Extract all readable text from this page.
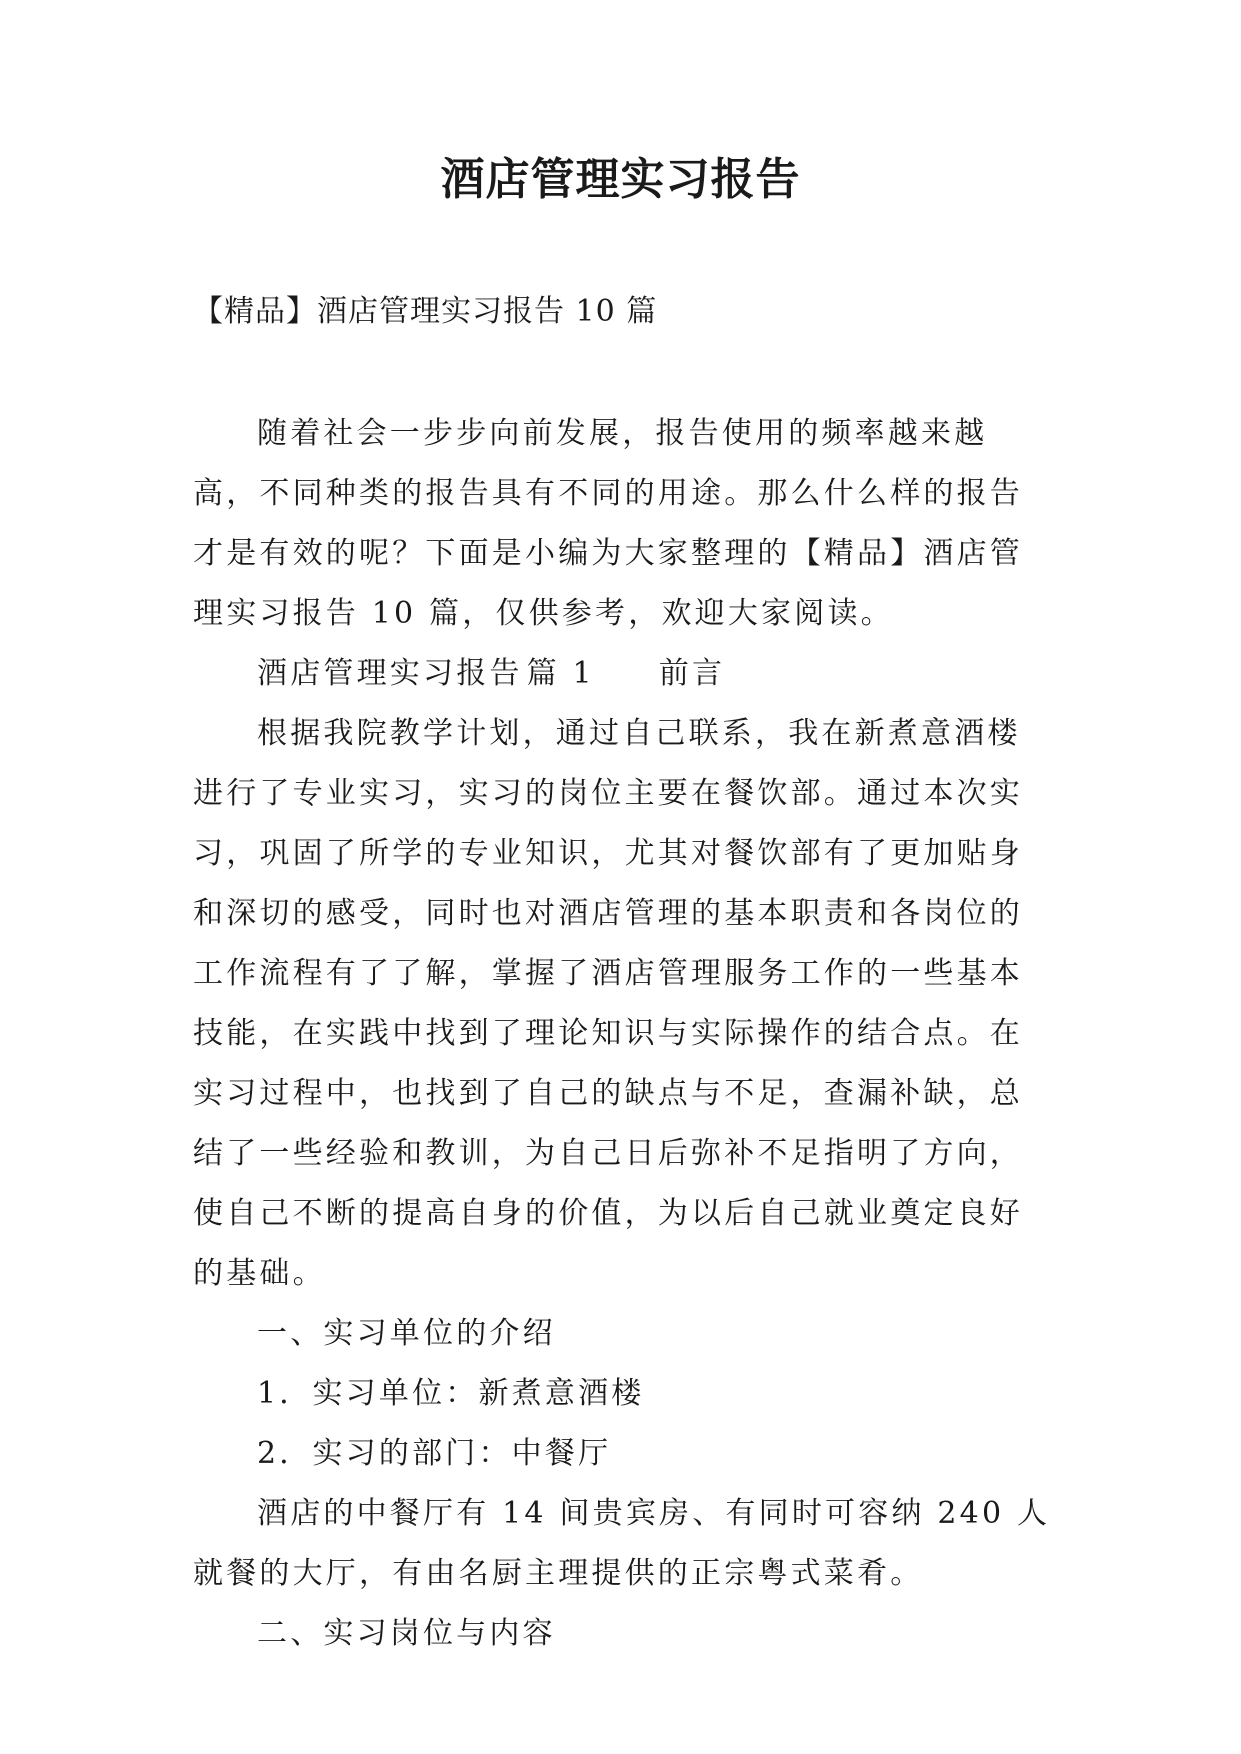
酒店管理实习报告

【精品】酒店管理实习报告 10 篇

随着社会一步步向前发展，报告使用的频率越来越高，不同种类的报告具有不同的用途。那么什么样的报告才是有效的呢？下面是小编为大家整理的【精品】酒店管理实习报告 10 篇，仅供参考，欢迎大家阅读。

酒店管理实习报告 篇 1 前言

根据我院教学计划，通过自己联系，我在新煮意酒楼进行了专业实习，实习的岗位主要在餐饮部。通过本次实习，巩固了所学的专业知识，尤其对餐饮部有了更加贴身和深切的感受，同时也对酒店管理的基本职责和各岗位的工作流程有了了解，掌握了酒店管理服务工作的一些基本技能，在实践中找到了理论知识与实际操作的结合点。在实习过程中，也找到了自己的缺点与不足，查漏补缺，总结了一些经验和教训，为自己日后弥补不足指明了方向，使自己不断的提高自身的价值，为以后自己就业奠定良好的基础。

一、实习单位的介绍

1．实习单位：新煮意酒楼

2．实习的部门：中餐厅

酒店的中餐厅有 14 间贵宾房、有同时可容纳 240 人就餐的大厅，有由名厨主理提供的正宗粤式菜肴。

二、实习岗位与内容
